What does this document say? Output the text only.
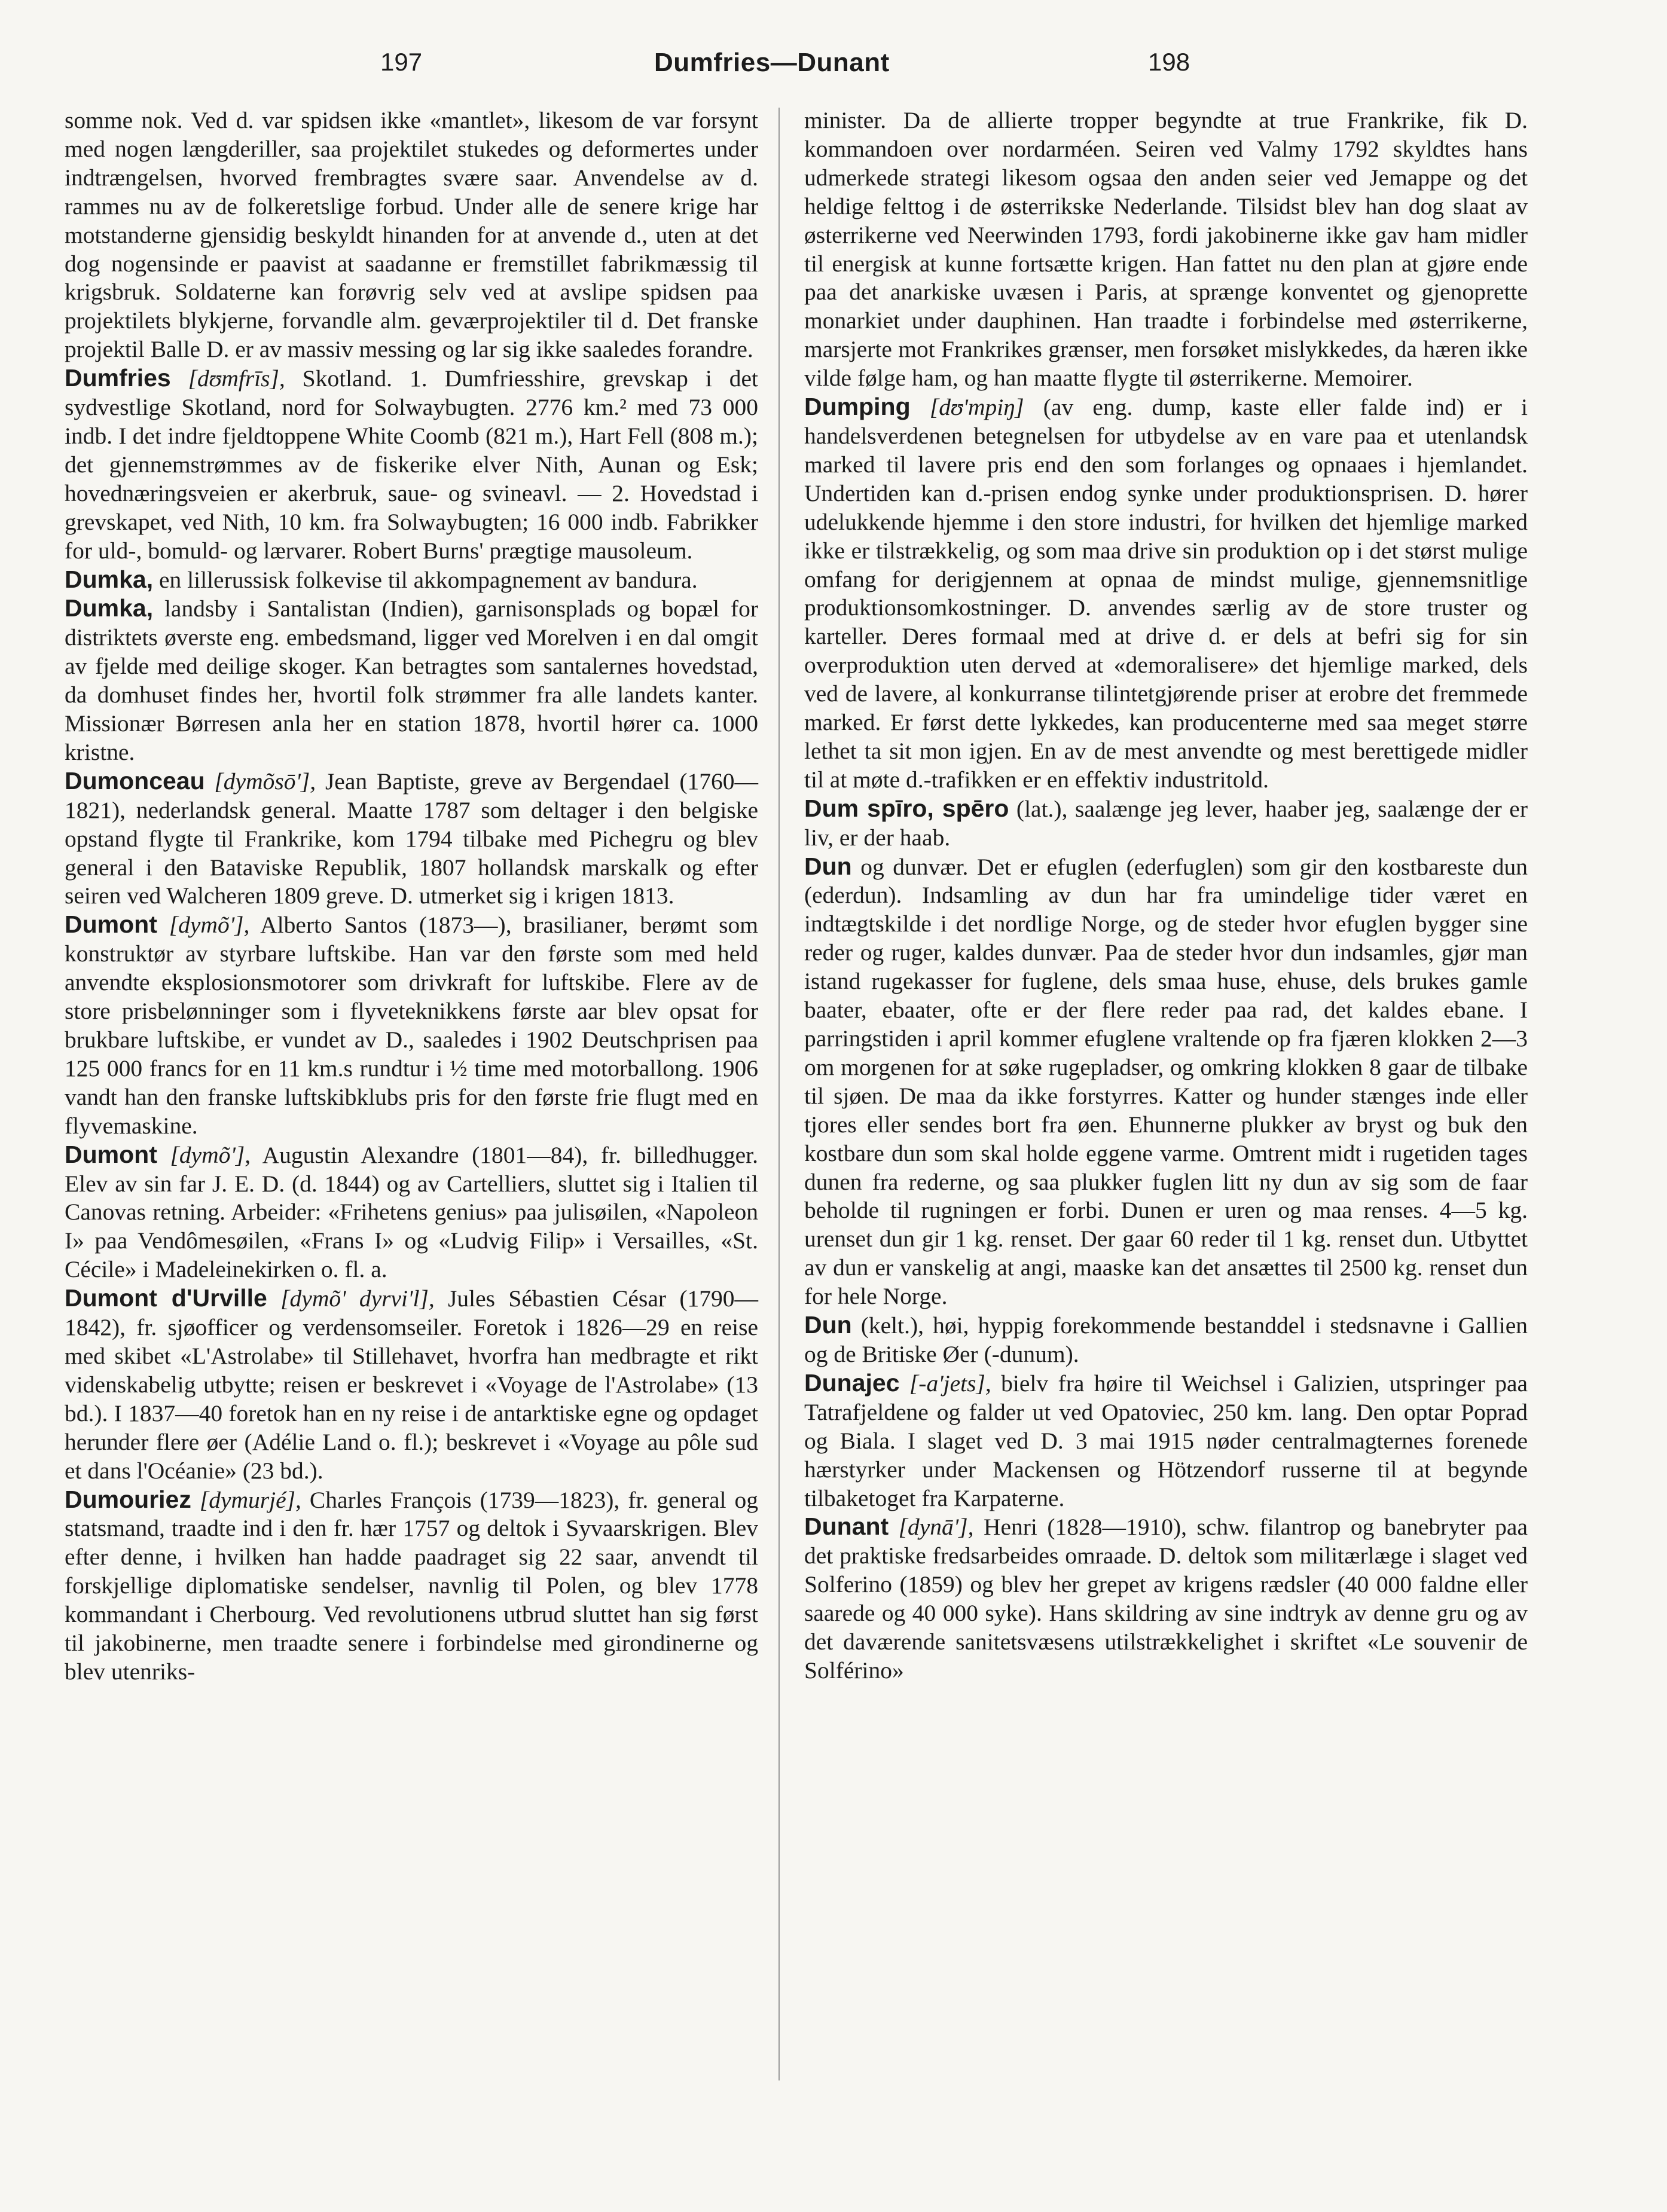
197	Dumfries—Dunant	198

somme nok. Ved d. var spidsen ikke «mantlet», likesom de var forsynt med nogen længderiller, saa projektilet stukedes og deformertes under indtrængelsen, hvorved frembragtes svære saar. Anvendelse av d. rammes nu av de folkeretslige forbud. Under alle de senere krige har motstanderne gjensidig beskyldt hinanden for at anvende d., uten at det dog nogensinde er paavist at saadanne er fremstillet fabrikmæssig til krigsbruk. Soldaterne kan forøvrig selv ved at avslipe spidsen paa projektilets blykjerne, forvandle alm. geværprojektiler til d. Det franske projektil Balle D. er av massiv messing og lar sig ikke saaledes forandre.

Dumfries [dʊmfrīs], Skotland. 1. Dumfriesshire, grevskap i det sydvestlige Skotland, nord for Solwaybugten. 2776 km.² med 73 000 indb. I det indre fjeldtoppene White Coomb (821 m.), Hart Fell (808 m.); det gjennemstrømmes av de fiskerike elver Nith, Aunan og Esk; hovednæringsveien er akerbruk, saue- og svineavl. — 2. Hovedstad i grevskapet, ved Nith, 10 km. fra Solwaybugten; 16 000 indb. Fabrikker for uld-, bomuld- og lærvarer. Robert Burns' prægtige mausoleum.

Dumka, en lillerussisk folkevise til akkompagnement av bandura.

Dumka, landsby i Santalistan (Indien), garnisonsplads og bopæl for distriktets øverste eng. embedsmand, ligger ved Morelven i en dal omgit av fjelde med deilige skoger. Kan betragtes som santalernes hovedstad, da domhuset findes her, hvortil folk strømmer fra alle landets kanter. Missionær Børresen anla her en station 1878, hvortil hører ca. 1000 kristne.

Dumonceau [dymõsō'], Jean Baptiste, greve av Bergendael (1760—1821), nederlandsk general. Maatte 1787 som deltager i den belgiske opstand flygte til Frankrike, kom 1794 tilbake med Pichegru og blev general i den Bataviske Republik, 1807 hollandsk marskalk og efter seiren ved Walcheren 1809 greve. D. utmerket sig i krigen 1813.

Dumont [dymõ'], Alberto Santos (1873—), brasilianer, berømt som konstruktør av styrbare luftskibe. Han var den første som med held anvendte eksplosionsmotorer som drivkraft for luftskibe. Flere av de store prisbelønninger som i flyveteknikkens første aar blev opsat for brukbare luftskibe, er vundet av D., saaledes i 1902 Deutschprisen paa 125 000 francs for en 11 km.s rundtur i ½ time med motorballong. 1906 vandt han den franske luftskibklubs pris for den første frie flugt med en flyvemaskine.

Dumont [dymõ'], Augustin Alexandre (1801—84), fr. billedhugger. Elev av sin far J. E. D. (d. 1844) og av Cartelliers, sluttet sig i Italien til Canovas retning. Arbeider: «Frihetens genius» paa julisøilen, «Napoleon I» paa Vendômesøilen, «Frans I» og «Ludvig Filip» i Versailles, «St. Cécile» i Madeleinekirken o. fl. a.

Dumont d'Urville [dymõ' dyrvi'l], Jules Sébastien César (1790—1842), fr. sjøofficer og verdensomseiler. Foretok i 1826—29 en reise med skibet «L'Astrolabe» til Stillehavet, hvorfra han medbragte et rikt videnskabelig utbytte; reisen er beskrevet i «Voyage de l'Astrolabe» (13 bd.). I 1837—40 foretok han en ny reise i de antarktiske egne og opdaget herunder flere øer (Adélie Land o. fl.); beskrevet i «Voyage au pôle sud et dans l'Océanie» (23 bd.).

Dumouriez [dymurjé], Charles François (1739—1823), fr. general og statsmand, traadte ind i den fr. hær 1757 og deltok i Syvaarskrigen. Blev efter denne, i hvilken han hadde paadraget sig 22 saar, anvendt til forskjellige diplomatiske sendelser, navnlig til Polen, og blev 1778 kommandant i Cherbourg. Ved revolutionens utbrud sluttet han sig først til jakobinerne, men traadte senere i forbindelse med girondinerne og blev utenriks-

minister. Da de allierte tropper begyndte at true Frankrike, fik D. kommandoen over nordarméen. Seiren ved Valmy 1792 skyldtes hans udmerkede strategi likesom ogsaa den anden seier ved Jemappe og det heldige felttog i de østerrikske Nederlande. Tilsidst blev han dog slaat av østerrikerne ved Neerwinden 1793, fordi jakobinerne ikke gav ham midler til energisk at kunne fortsætte krigen. Han fattet nu den plan at gjøre ende paa det anarkiske uvæsen i Paris, at sprænge konventet og gjenoprette monarkiet under dauphinen. Han traadte i forbindelse med østerrikerne, marsjerte mot Frankrikes grænser, men forsøket mislykkedes, da hæren ikke vilde følge ham, og han maatte flygte til østerrikerne. Memoirer.

Dumping [dʊ'mpiŋ] (av eng. dump, kaste eller falde ind) er i handelsverdenen betegnelsen for utbydelse av en vare paa et utenlandsk marked til lavere pris end den som forlanges og opnaaes i hjemlandet. Undertiden kan d.-prisen endog synke under produktionsprisen. D. hører udelukkende hjemme i den store industri, for hvilken det hjemlige marked ikke er tilstrækkelig, og som maa drive sin produktion op i det størst mulige omfang for derigjennem at opnaa de mindst mulige, gjennemsnitlige produktionsomkostninger. D. anvendes særlig av de store truster og karteller. Deres formaal med at drive d. er dels at befri sig for sin overproduktion uten derved at «demoralisere» det hjemlige marked, dels ved de lavere, al konkurranse tilintetgjørende priser at erobre det fremmede marked. Er først dette lykkedes, kan producenterne med saa meget større lethet ta sit mon igjen. En av de mest anvendte og mest berettigede midler til at møte d.-trafikken er en effektiv industritold.

Dum spīro, spēro (lat.), saalænge jeg lever, haaber jeg, saalænge der er liv, er der haab.

Dun og dunvær. Det er efuglen (ederfuglen) som gir den kostbareste dun (ederdun). Indsamling av dun har fra umindelige tider været en indtægtskilde i det nordlige Norge, og de steder hvor efuglen bygger sine reder og ruger, kaldes dunvær. Paa de steder hvor dun indsamles, gjør man istand rugekasser for fuglene, dels smaa huse, ehuse, dels brukes gamle baater, ebaater, ofte er der flere reder paa rad, det kaldes ebane. I parringstiden i april kommer efuglene vraltende op fra fjæren klokken 2—3 om morgenen for at søke rugepladser, og omkring klokken 8 gaar de tilbake til sjøen. De maa da ikke forstyrres. Katter og hunder stænges inde eller tjores eller sendes bort fra øen. Ehunnerne plukker av bryst og buk den kostbare dun som skal holde eggene varme. Omtrent midt i rugetiden tages dunen fra rederne, og saa plukker fuglen litt ny dun av sig som de faar beholde til rugningen er forbi. Dunen er uren og maa renses. 4—5 kg. urenset dun gir 1 kg. renset. Der gaar 60 reder til 1 kg. renset dun. Utbyttet av dun er vanskelig at angi, maaske kan det ansættes til 2500 kg. renset dun for hele Norge.

Dun (kelt.), høi, hyppig forekommende bestanddel i stedsnavne i Gallien og de Britiske Øer (-dunum).

Dunajec [-a'jets], bielv fra høire til Weichsel i Galizien, utspringer paa Tatrafjeldene og falder ut ved Opatoviec, 250 km. lang. Den optar Poprad og Biala. I slaget ved D. 3 mai 1915 nøder centralmagternes forenede hærstyrker under Mackensen og Hötzendorf russerne til at begynde tilbaketoget fra Karpaterne.

Dunant [dynā'], Henri (1828—1910), schw. filantrop og banebryter paa det praktiske fredsarbeides omraade. D. deltok som militærlæge i slaget ved Solferino (1859) og blev her grepet av krigens rædsler (40 000 faldne eller saarede og 40 000 syke). Hans skildring av sine indtryk av denne gru og av det daværende sanitetsvæsens utilstrækkelighet i skriftet «Le souvenir de Solférino»
